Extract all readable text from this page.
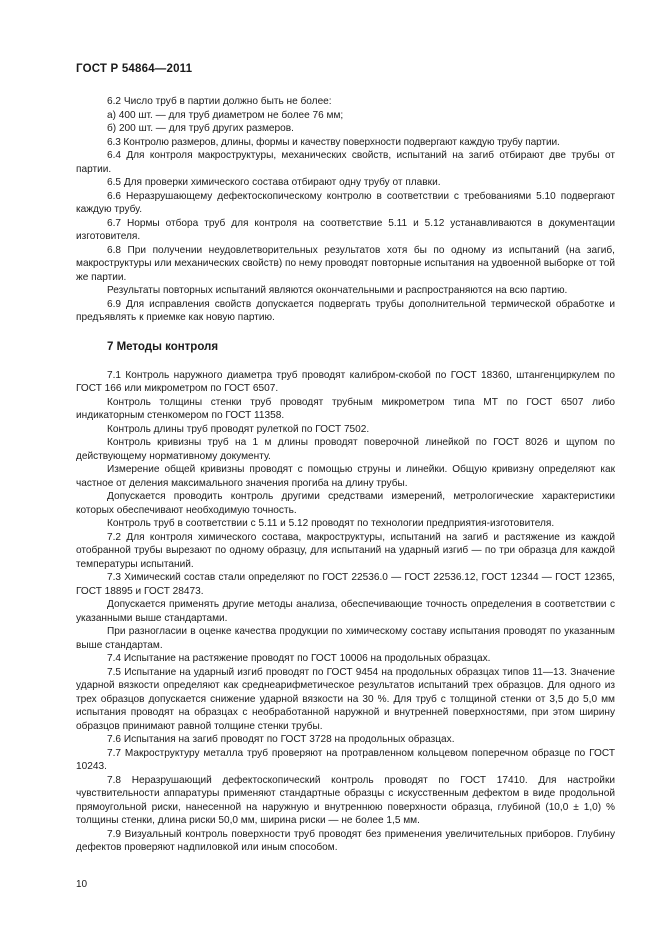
ГОСТ Р 54864—2011

6.2 Число труб в партии должно быть не более:

а) 400 шт. — для труб диаметром не более 76 мм;

б) 200 шт. — для труб других размеров.

6.3 Контролю размеров, длины, формы и качеству поверхности подвергают каждую трубу партии.

6.4 Для контроля макроструктуры, механических свойств, испытаний на загиб отбирают две трубы от партии.

6.5 Для проверки химического состава отбирают одну трубу от плавки.

6.6 Неразрушающему дефектоскопическому контролю в соответствии с требованиями 5.10 подвергают каждую трубу.

6.7 Нормы отбора труб для контроля на соответствие 5.11 и 5.12 устанавливаются в документации изготовителя.

6.8 При получении неудовлетворительных результатов хотя бы по одному из испытаний (на загиб, макроструктуры или механических свойств) по нему проводят повторные испытания на удвоенной выборке от той же партии.

Результаты повторных испытаний являются окончательными и распространяются на всю партию.

6.9 Для исправления свойств допускается подвергать трубы дополнительной термической обработке и предъявлять к приемке как новую партию.

7 Методы контроля

7.1 Контроль наружного диаметра труб проводят калибром-скобой по ГОСТ 18360, штангенциркулем по ГОСТ 166 или микрометром по ГОСТ 6507.

Контроль толщины стенки труб проводят трубным микрометром типа МТ по ГОСТ 6507 либо индикаторным стенкомером по ГОСТ 11358.

Контроль длины труб проводят рулеткой по ГОСТ 7502.

Контроль кривизны труб на 1 м длины проводят поверочной линейкой по ГОСТ 8026 и щупом по действующему нормативному документу.

Измерение общей кривизны проводят с помощью струны и линейки. Общую кривизну определяют как частное от деления максимального значения прогиба на длину трубы.

Допускается проводить контроль другими средствами измерений, метрологические характеристики которых обеспечивают необходимую точность.

Контроль труб в соответствии с 5.11 и 5.12 проводят по технологии предприятия-изготовителя.

7.2 Для контроля химического состава, макроструктуры, испытаний на загиб и растяжение из каждой отобранной трубы вырезают по одному образцу, для испытаний на ударный изгиб — по три образца для каждой температуры испытаний.

7.3 Химический состав стали определяют по ГОСТ 22536.0 — ГОСТ 22536.12, ГОСТ 12344 — ГОСТ 12365, ГОСТ 18895 и ГОСТ 28473.

Допускается применять другие методы анализа, обеспечивающие точность определения в соответствии с указанными выше стандартами.

При разногласии в оценке качества продукции по химическому составу испытания проводят по указанным выше стандартам.

7.4 Испытание на растяжение проводят по ГОСТ 10006 на продольных образцах.

7.5 Испытание на ударный изгиб проводят по ГОСТ 9454 на продольных образцах типов 11—13. Значение ударной вязкости определяют как среднеарифметическое результатов испытаний трех образцов. Для одного из трех образцов допускается снижение ударной вязкости на 30 %. Для труб с толщиной стенки от 3,5 до 5,0 мм испытания проводят на образцах с необработанной наружной и внутренней поверхностями, при этом ширину образцов принимают равной толщине стенки трубы.

7.6 Испытания на загиб проводят по ГОСТ 3728 на продольных образцах.

7.7 Макроструктуру металла труб проверяют на протравленном кольцевом поперечном образце по ГОСТ 10243.

7.8 Неразрушающий дефектоскопический контроль проводят по ГОСТ 17410. Для настройки чувствительности аппаратуры применяют стандартные образцы с искусственным дефектом в виде продольной прямоугольной риски, нанесенной на наружную и внутреннюю поверхности образца, глубиной (10,0 ± 1,0) % толщины стенки, длина риски 50,0 мм, ширина риски — не более 1,5 мм.

7.9 Визуальный контроль поверхности труб проводят без применения увеличительных приборов. Глубину дефектов проверяют надпиловкой или иным способом.

10
